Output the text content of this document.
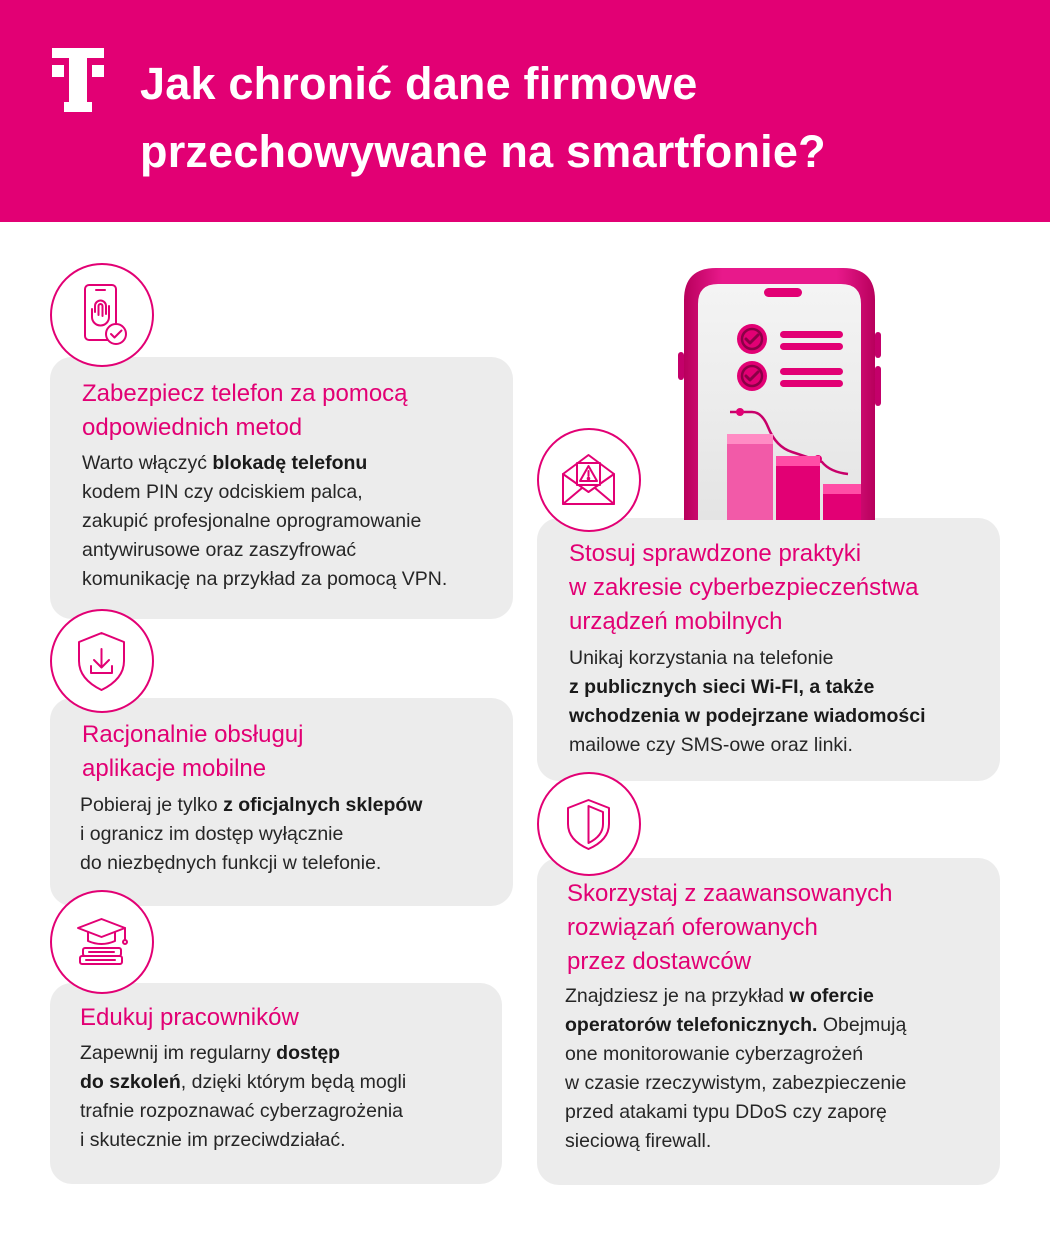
Jak chronić dane firmowe
przechowywane na smartfonie?
Zabezpiecz telefon za pomocą
odpowiednich metod
Warto włączyć blokadę telefonu
kodem PIN czy odciskiem palca,
zakupić profesjonalne oprogramowanie
antywirusowe oraz zaszyfrować
komunikację na przykład za pomocą VPN.
Racjonalnie obsługuj
aplikacje mobilne
Pobieraj je tylko z oficjalnych sklepów
i ogranicz im dostęp wyłącznie
do niezbędnych funkcji w telefonie.
Edukuj pracowników
Zapewnij im regularny dostęp
do szkoleń, dzięki którym będą mogli
trafnie rozpoznawać cyberzagrożenia
i skutecznie im przeciwdziałać.
Stosuj sprawdzone praktyki
w zakresie cyberbezpieczeństwa
urządzeń mobilnych
Unikaj korzystania na telefonie
z publicznych sieci Wi-FI, a także
wchodzenia w podejrzane wiadomości
mailowe czy SMS-owe oraz linki.
Skorzystaj z zaawansowanych
rozwiązań oferowanych
przez dostawców
Znajdziesz je na przykład w ofercie
operatorów telefonicznych. Obejmują
one monitorowanie cyberzagrożeń
w czasie rzeczywistym, zabezpieczenie
przed atakami typu DDoS czy zaporę
sieciową firewall.
